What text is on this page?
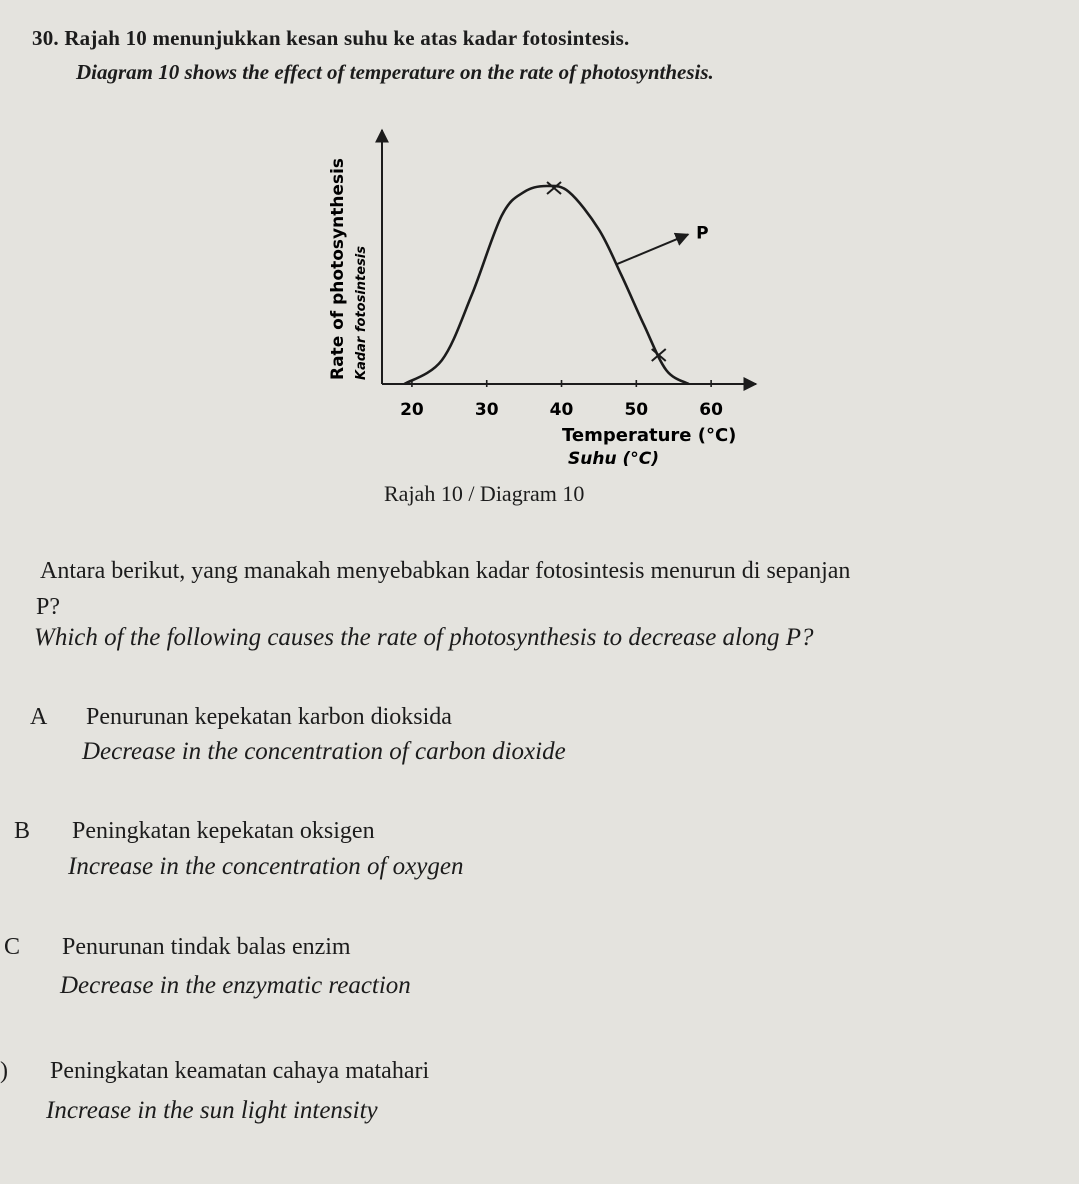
30. Rajah 10 menunjukkan kesan suhu ke atas kadar fotosintesis.
Diagram 10 shows the effect of temperature on the rate of photosynthesis.
20	30	40	50	60
P
Temperature (°C)
Suhu (°C)
Rate of photosynthesis Kadar fotosintesis
Rajah 10 / Diagram 10
Antara berikut, yang manakah menyebabkan kadar fotosintesis menurun di sepanjan
P?
Which of the following causes the rate of photosynthesis to decrease along P?
A Penurunan kepekatan karbon dioksida
Decrease in the concentration of carbon dioxide
B Peningkatan kepekatan oksigen
Increase in the concentration of oxygen
C Penurunan tindak balas enzim
Decrease in the enzymatic reaction
) Peningkatan keamatan cahaya matahari
Increase in the sun light intensity
